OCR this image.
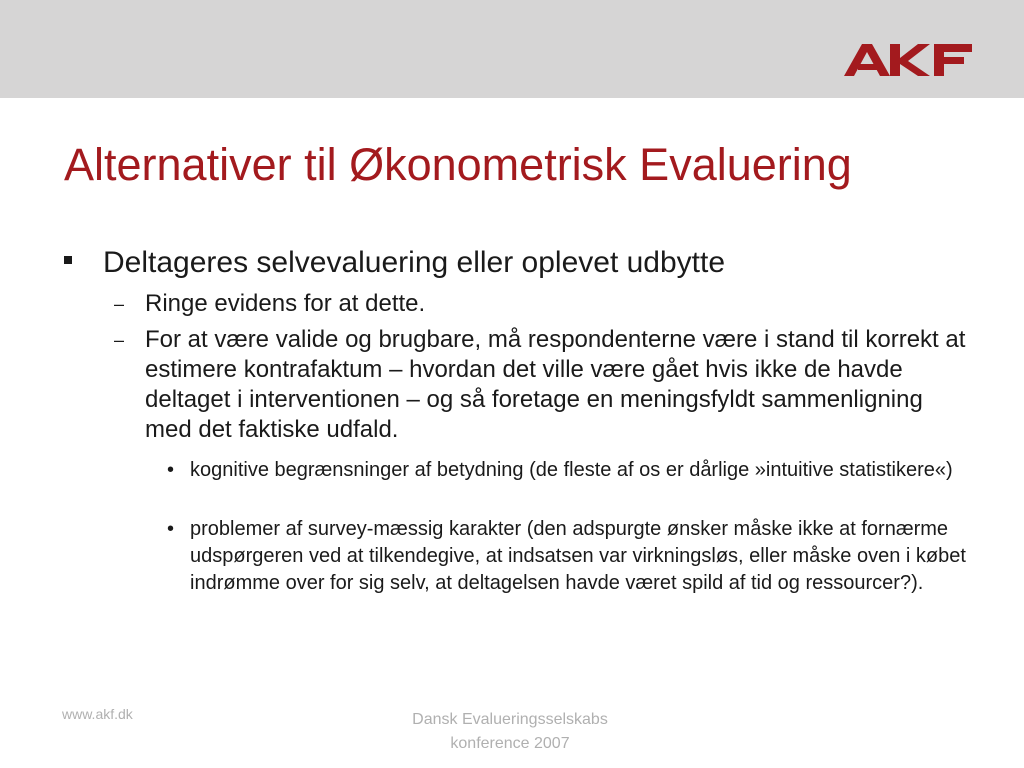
Alternativer til Økonometrisk Evaluering
Deltageres selvevaluering eller oplevet udbytte
– Ringe evidens for at dette.
– For at være valide og brugbare, må respondenterne være i stand til korrekt at estimere kontrafaktum – hvordan det ville være gået hvis ikke de havde deltaget i interventionen – og så foretage en meningsfyldt sammenligning med det faktiske udfald.
• kognitive begrænsninger af betydning (de fleste af os er dårlige »intuitive statistikere«)
• problemer af survey-mæssig karakter (den adspurgte ønsker måske ikke at fornærme udspørgeren ved at tilkendegive, at indsatsen var virkningsløs, eller måske oven i købet indrømme over for sig selv, at deltagelsen havde været spild af tid og ressourcer?).
www.akf.dk	Dansk Evalueringsselskabs
konference 2007
